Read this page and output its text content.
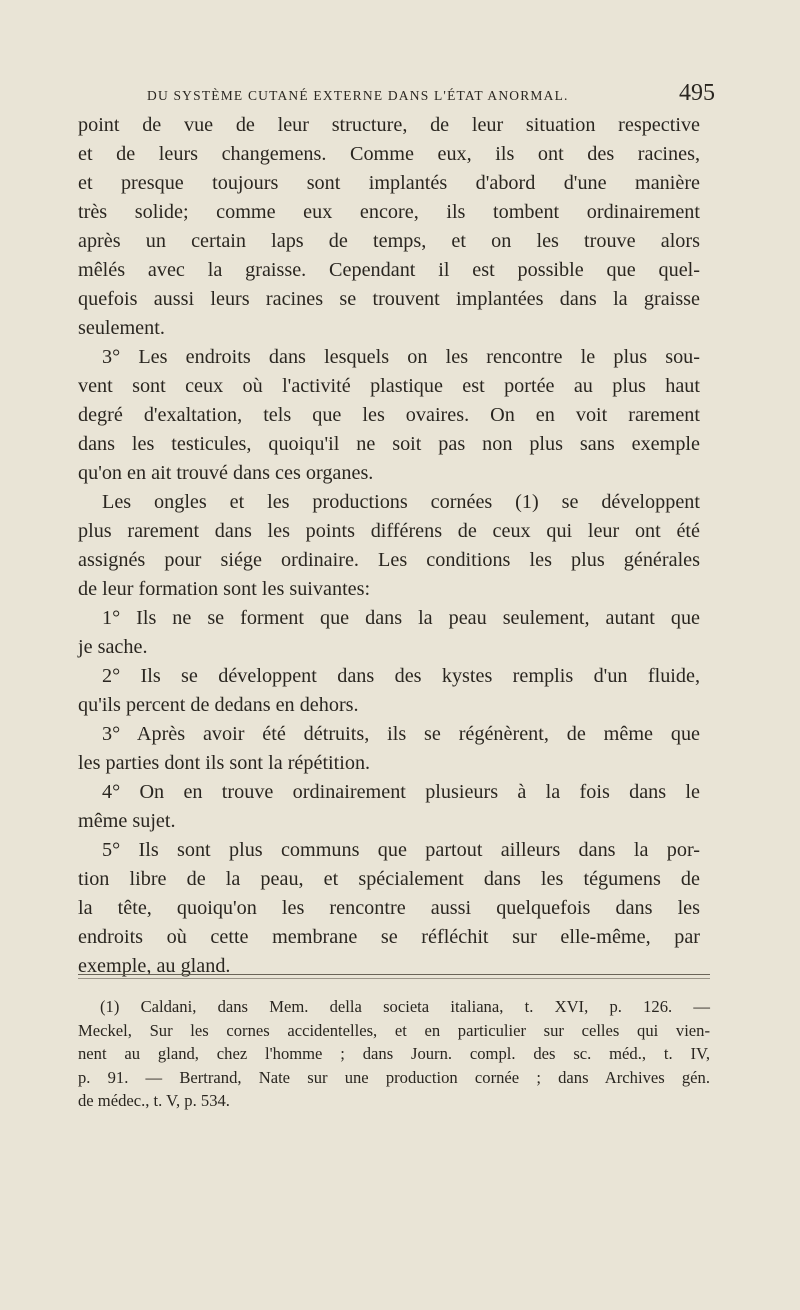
DU SYSTÈME CUTANÉ EXTERNE DANS L'ÉTAT ANORMAL.	495
point de vue de leur structure, de leur situation respective
et de leurs changemens. Comme eux, ils ont des racines,
et presque toujours sont implantés d'abord d'une manière
très solide; comme eux encore, ils tombent ordinairement
après un certain laps de temps, et on les trouve alors
mêlés avec la graisse. Cependant il est possible que quel-
quefois aussi leurs racines se trouvent implantées dans la graisse
seulement.
3° Les endroits dans lesquels on les rencontre le plus sou-
vent sont ceux où l'activité plastique est portée au plus haut
degré d'exaltation, tels que les ovaires. On en voit rarement
dans les testicules, quoiqu'il ne soit pas non plus sans exemple
qu'on en ait trouvé dans ces organes.
Les ongles et les productions cornées (1) se développent
plus rarement dans les points différens de ceux qui leur ont été
assignés pour siége ordinaire. Les conditions les plus générales
de leur formation sont les suivantes:
1° Ils ne se forment que dans la peau seulement, autant que
je sache.
2° Ils se développent dans des kystes remplis d'un fluide,
qu'ils percent de dedans en dehors.
3° Après avoir été détruits, ils se régénèrent, de même que
les parties dont ils sont la répétition.
4° On en trouve ordinairement plusieurs à la fois dans le
même sujet.
5° Ils sont plus communs que partout ailleurs dans la por-
tion libre de la peau, et spécialement dans les tégumens de
la tête, quoiqu'on les rencontre aussi quelquefois dans les
endroits où cette membrane se réfléchit sur elle-même, par
exemple, au gland.
(1) Caldani, dans Mem. della societa italiana, t. XVI, p. 126. —
Meckel, Sur les cornes accidentelles, et en particulier sur celles qui vien-
nent au gland, chez l'homme ; dans Journ. compl. des sc. méd., t. IV,
p. 91. — Bertrand, Nate sur une production cornée ; dans Archives gén.
de médec., t. V, p. 534.
